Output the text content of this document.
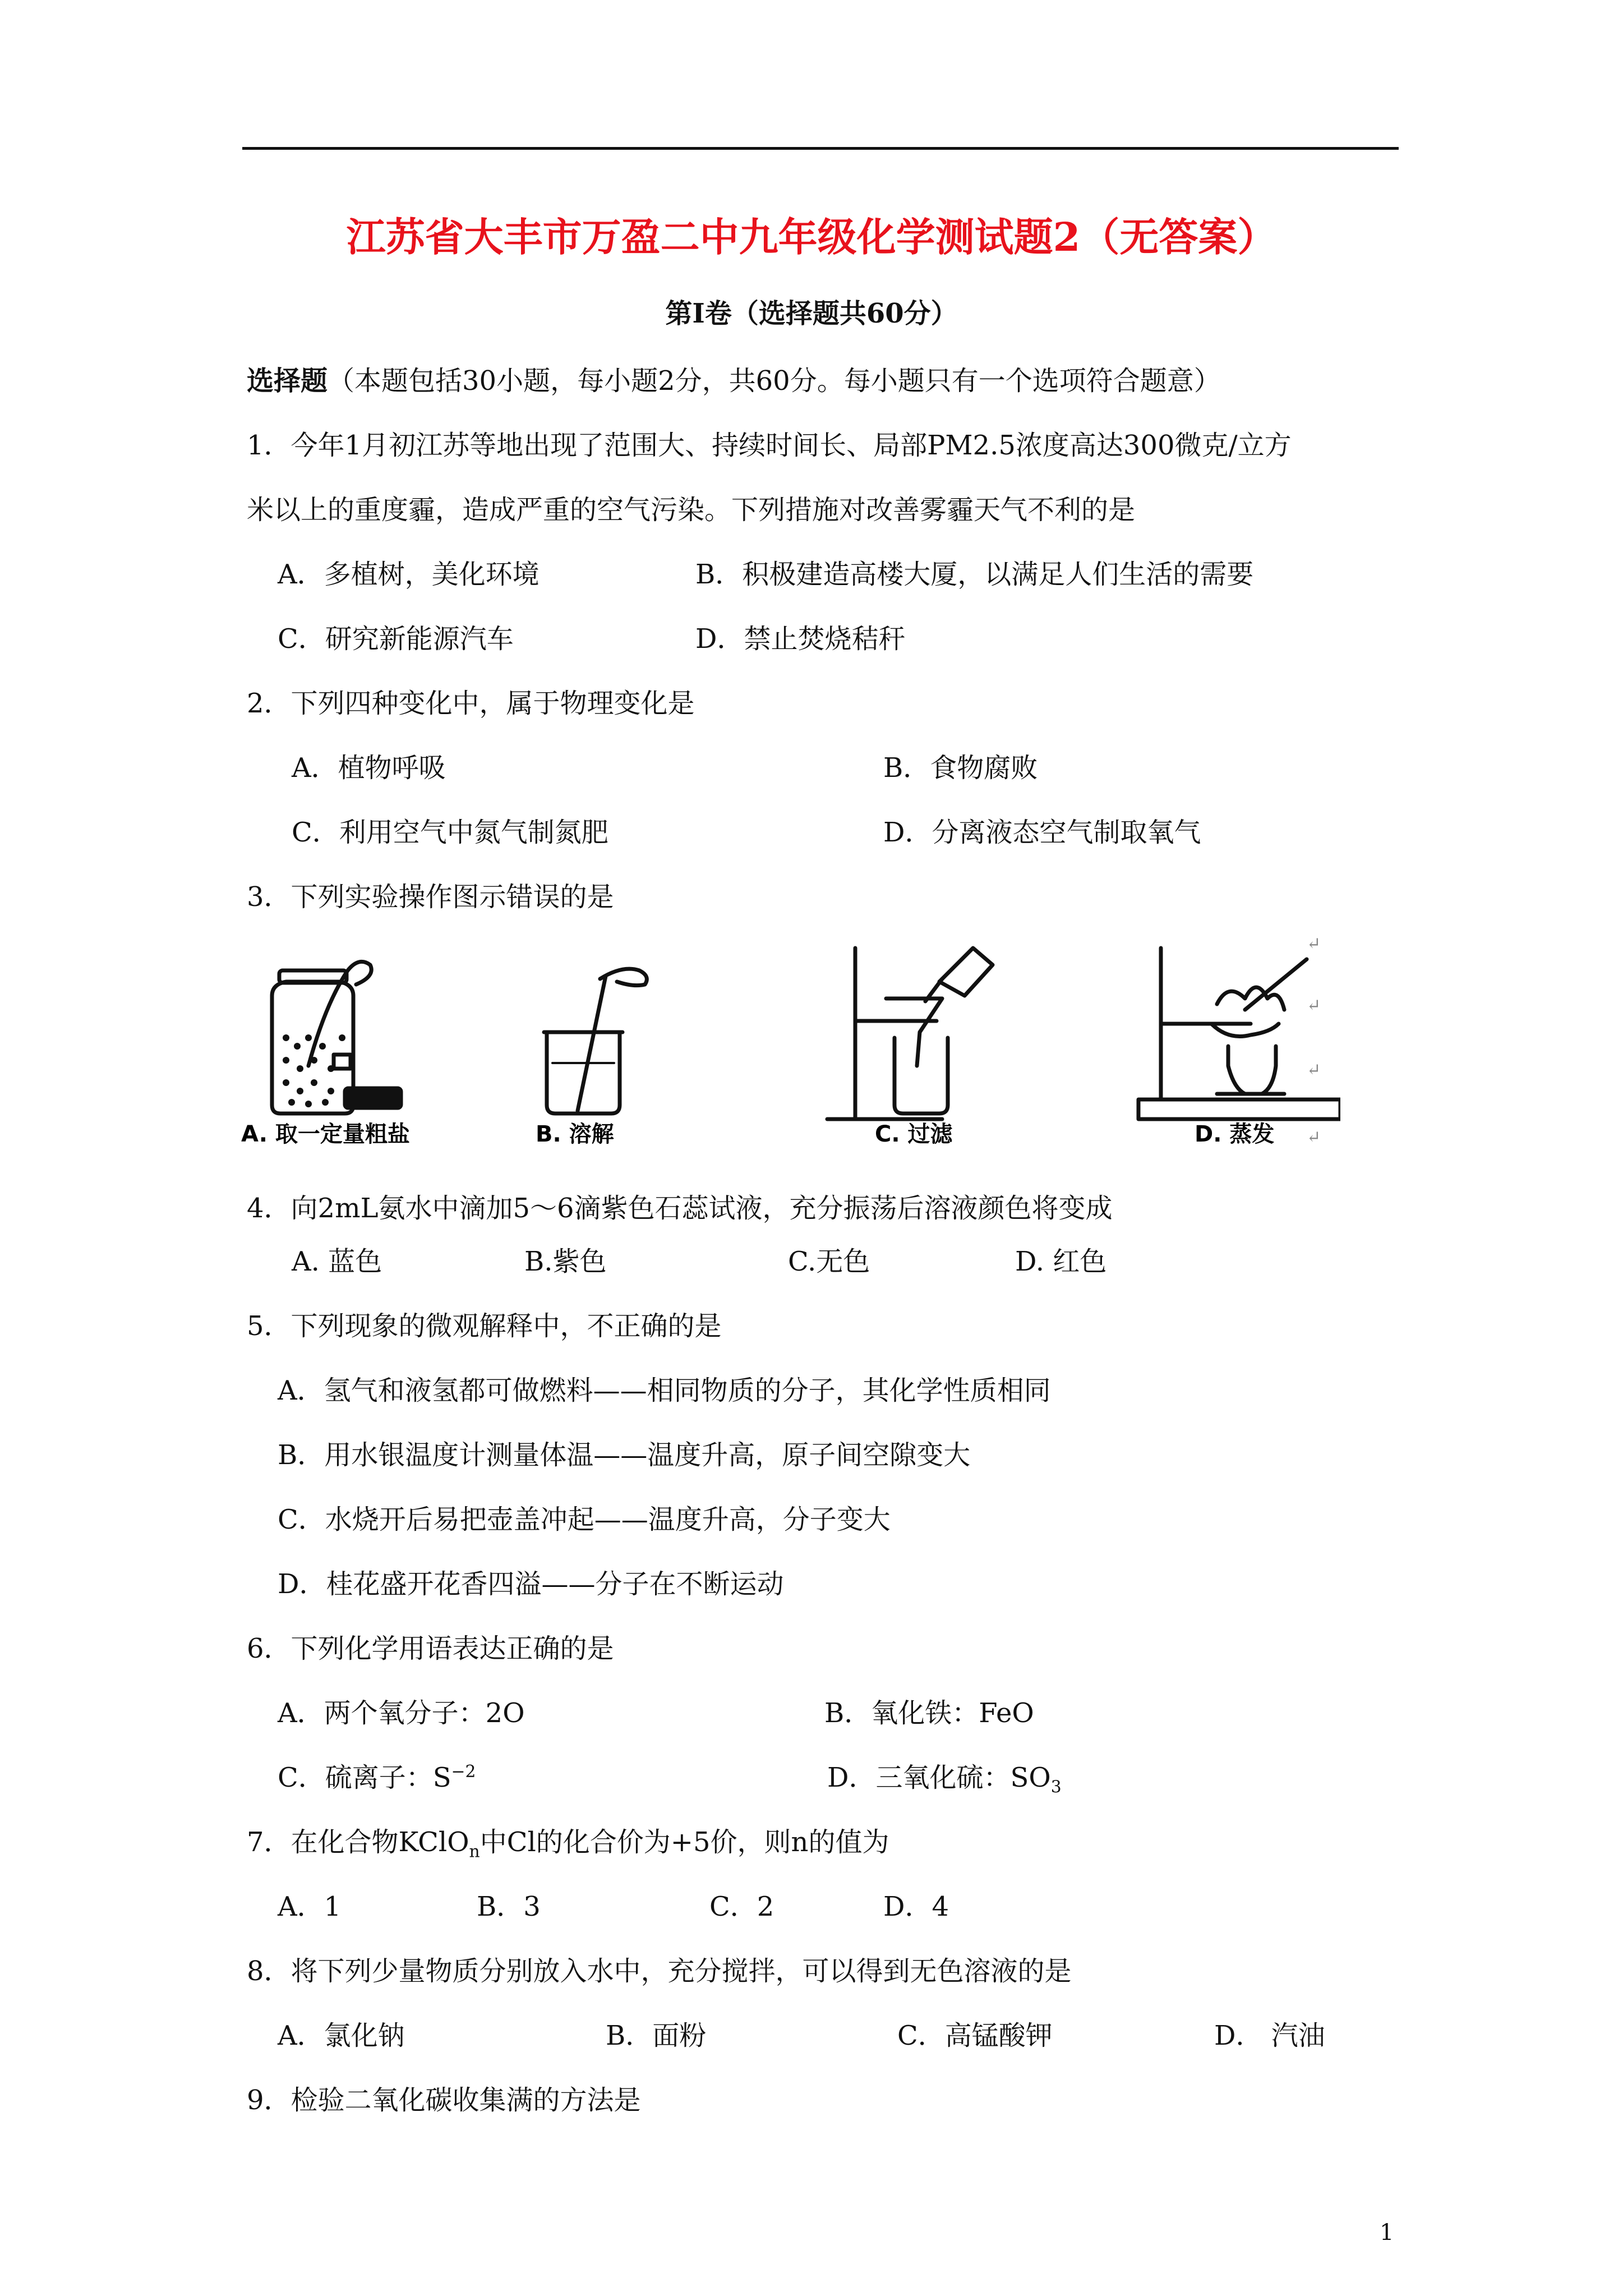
江苏省大丰市万盈二中九年级化学测试题2（无答案）
第Ⅰ卷（选择题共60分）
选择题（本题包括30小题，每小题2分，共60分。每小题只有一个选项符合题意）
1．今年1月初江苏等地出现了范围大、持续时间长、局部PM2.5浓度高达300微克/立方
米以上的重度霾，造成严重的空气污染。下列措施对改善雾霾天气不利的是
A．多植树，美化环境	B．积极建造高楼大厦，以满足人们生活的需要
C．研究新能源汽车	D．禁止焚烧秸秆
2．下列四种变化中，属于物理变化是
A．植物呼吸	B．食物腐败
C．利用空气中氮气制氮肥	D．分离液态空气制取氧气
3．下列实验操作图示错误的是
A. 取一定量粗盐	B. 溶解	C. 过滤	D. 蒸发
↵
↵
↵
↵
4．向2mL氨水中滴加5～6滴紫色石蕊试液，充分振荡后溶液颜色将变成
A. 蓝色	B.紫色	C.无色	D. 红色
5．下列现象的微观解释中，不正确的是
A．氢气和液氢都可做燃料——相同物质的分子，其化学性质相同
B．用水银温度计测量体温——温度升高，原子间空隙变大
C．水烧开后易把壶盖冲起——温度升高，分子变大
D．桂花盛开花香四溢——分子在不断运动
6．下列化学用语表达正确的是
A．两个氧分子：2O	B．氧化铁：FeO
C．硫离子：$S^{-2}$	D．三氧化硫：$SO_3$
7．在化合物KClO$_n$中Cl的化合价为+5价，则n的值为
A．1	B．3	C．2	D．4
8．将下列少量物质分别放入水中，充分搅拌，可以得到无色溶液的是
A．氯化钠	B．面粉	C．高锰酸钾	D． 汽油
9．检验二氧化碳收集满的方法是
1
